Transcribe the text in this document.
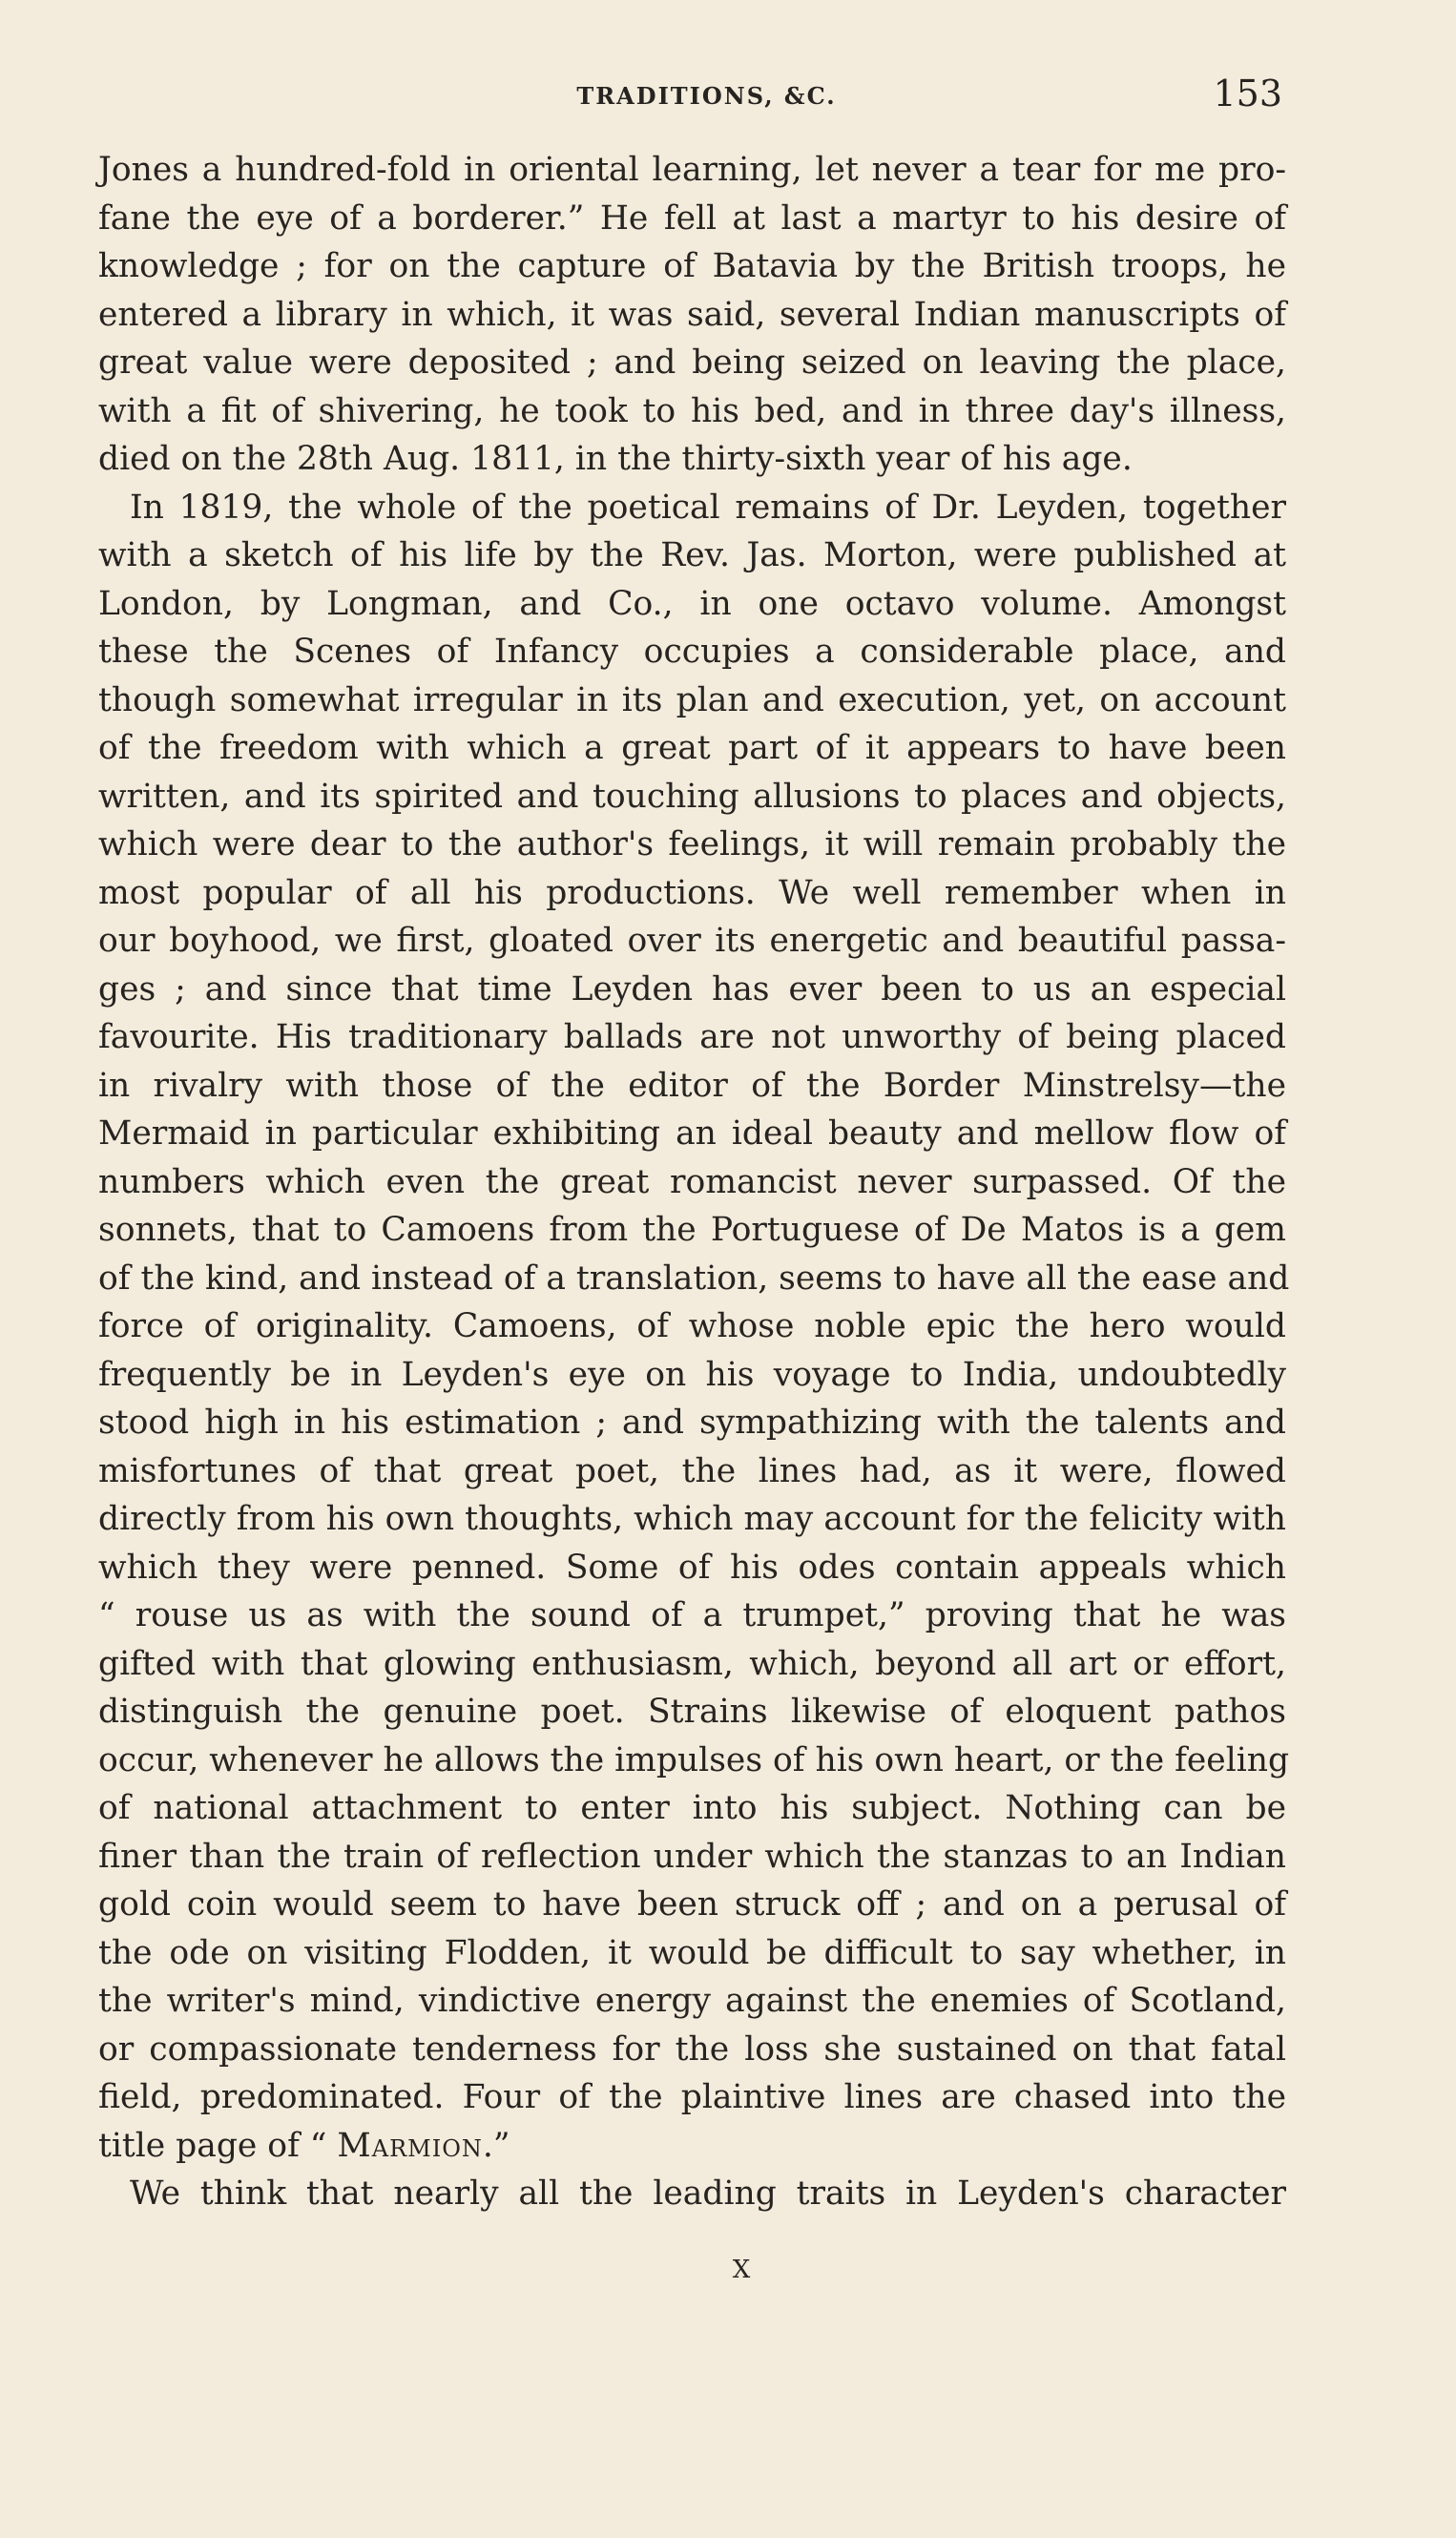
TRADITIONS, &C.	153
Jones a hundred-fold in oriental learning, let never a tear for me pro-
fane the eye of a borderer.” He fell at last a martyr to his desire of
knowledge ; for on the capture of Batavia by the British troops, he
entered a library in which, it was said, several Indian manuscripts of
great value were deposited ; and being seized on leaving the place,
with a fit of shivering, he took to his bed, and in three day's illness,
died on the 28th Aug. 1811, in the thirty-sixth year of his age.
In 1819, the whole of the poetical remains of Dr. Leyden, together
with a sketch of his life by the Rev. Jas. Morton, were published at
London, by Longman, and Co., in one octavo volume. Amongst
these the Scenes of Infancy occupies a considerable place, and
though somewhat irregular in its plan and execution, yet, on account
of the freedom with which a great part of it appears to have been
written, and its spirited and touching allusions to places and objects,
which were dear to the author's feelings, it will remain probably the
most popular of all his productions. We well remember when in
our boyhood, we first, gloated over its energetic and beautiful passa-
ges ; and since that time Leyden has ever been to us an especial
favourite. His traditionary ballads are not unworthy of being placed
in rivalry with those of the editor of the Border Minstrelsy—the
Mermaid in particular exhibiting an ideal beauty and mellow flow of
numbers which even the great romancist never surpassed. Of the
sonnets, that to Camoens from the Portuguese of De Matos is a gem
of the kind, and instead of a translation, seems to have all the ease and
force of originality. Camoens, of whose noble epic the hero would
frequently be in Leyden's eye on his voyage to India, undoubtedly
stood high in his estimation ; and sympathizing with the talents and
misfortunes of that great poet, the lines had, as it were, flowed
directly from his own thoughts, which may account for the felicity with
which they were penned. Some of his odes contain appeals which
“ rouse us as with the sound of a trumpet,” proving that he was
gifted with that glowing enthusiasm, which, beyond all art or effort,
distinguish the genuine poet. Strains likewise of eloquent pathos
occur, whenever he allows the impulses of his own heart, or the feeling
of national attachment to enter into his subject. Nothing can be
finer than the train of reflection under which the stanzas to an Indian
gold coin would seem to have been struck off ; and on a perusal of
the ode on visiting Flodden, it would be difficult to say whether, in
the writer's mind, vindictive energy against the enemies of Scotland,
or compassionate tenderness for the loss she sustained on that fatal
field, predominated. Four of the plaintive lines are chased into the
title page of “ Marmion.”
We think that nearly all the leading traits in Leyden's character
X
